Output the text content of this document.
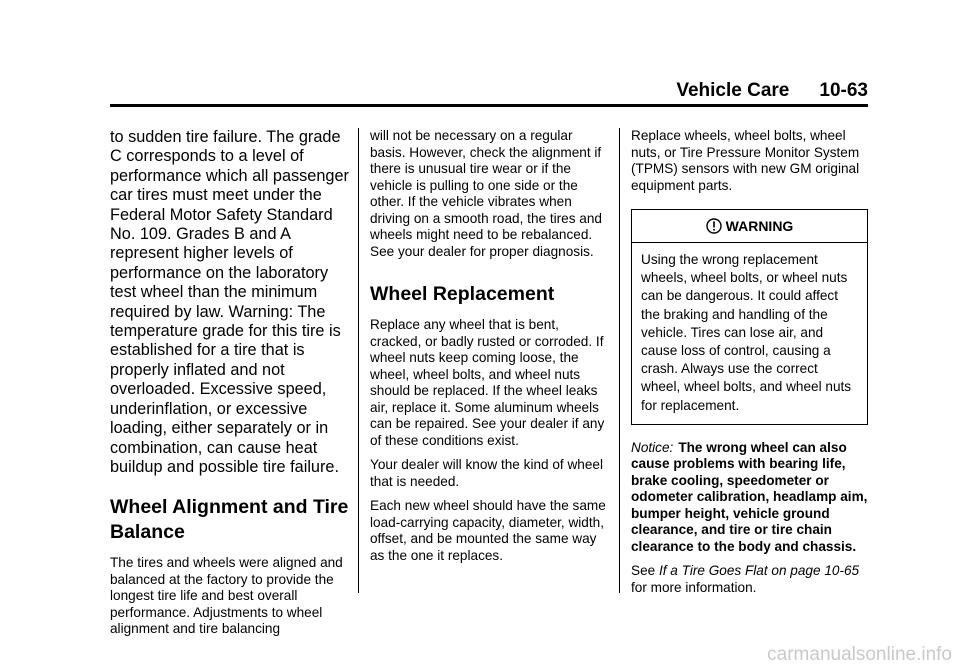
Vehicle Care 10-63

to sudden tire failure. The grade C corresponds to a level of performance which all passenger car tires must meet under the Federal Motor Safety Standard No. 109. Grades B and A represent higher levels of performance on the laboratory test wheel than the minimum required by law. Warning: The temperature grade for this tire is established for a tire that is properly inflated and not overloaded. Excessive speed, underinflation, or excessive loading, either separately or in combination, can cause heat buildup and possible tire failure.

Wheel Alignment and Tire Balance

The tires and wheels were aligned and balanced at the factory to provide the longest tire life and best overall performance. Adjustments to wheel alignment and tire balancing

will not be necessary on a regular basis. However, check the alignment if there is unusual tire wear or if the vehicle is pulling to one side or the other. If the vehicle vibrates when driving on a smooth road, the tires and wheels might need to be rebalanced. See your dealer for proper diagnosis.

Wheel Replacement

Replace any wheel that is bent, cracked, or badly rusted or corroded. If wheel nuts keep coming loose, the wheel, wheel bolts, and wheel nuts should be replaced. If the wheel leaks air, replace it. Some aluminum wheels can be repaired. See your dealer if any of these conditions exist.

Your dealer will know the kind of wheel that is needed.

Each new wheel should have the same load-carrying capacity, diameter, width, offset, and be mounted the same way as the one it replaces.

Replace wheels, wheel bolts, wheel nuts, or Tire Pressure Monitor System (TPMS) sensors with new GM original equipment parts.

WARNING

Using the wrong replacement wheels, wheel bolts, or wheel nuts can be dangerous. It could affect the braking and handling of the vehicle. Tires can lose air, and cause loss of control, causing a crash. Always use the correct wheel, wheel bolts, and wheel nuts for replacement.

Notice: The wrong wheel can also cause problems with bearing life, brake cooling, speedometer or odometer calibration, headlamp aim, bumper height, vehicle ground clearance, and tire or tire chain clearance to the body and chassis.
See If a Tire Goes Flat on page 10-65 for more information.
carmanualsonline.info
